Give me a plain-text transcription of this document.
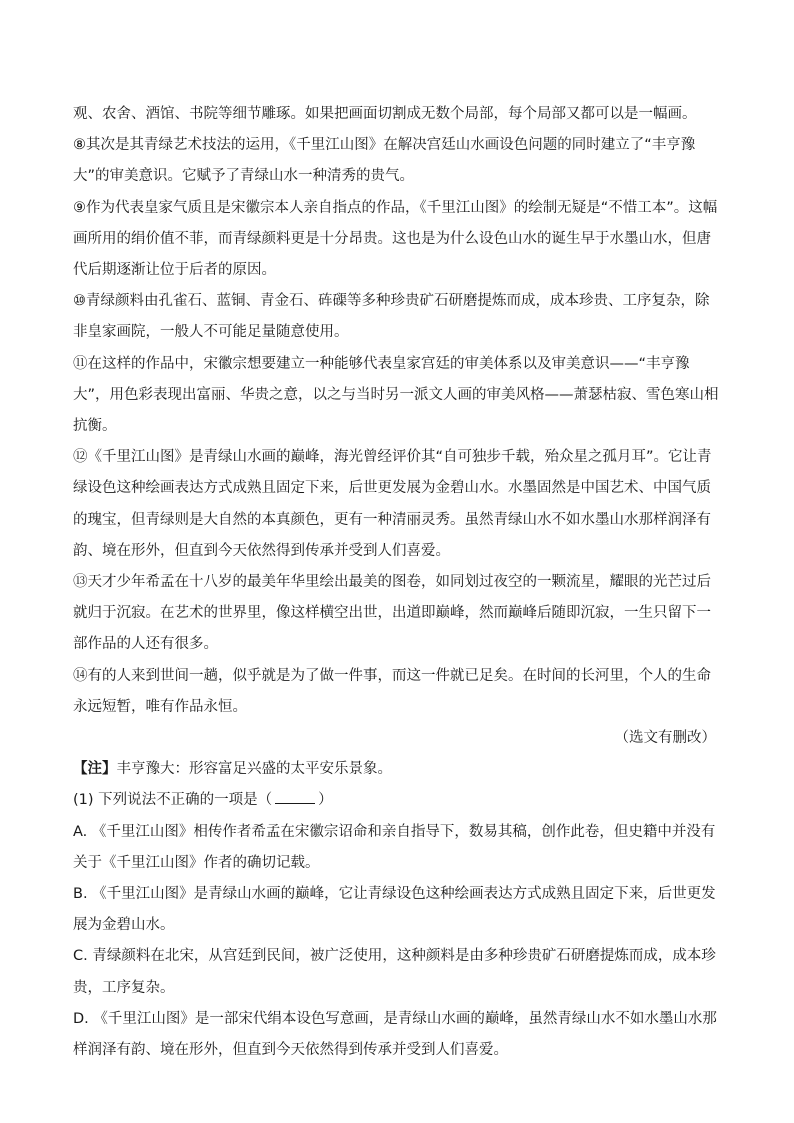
观、农舍、酒馆、书院等细节雕琢。如果把画面切割成无数个局部，每个局部又都可以是一幅画。

⑧其次是其青绿艺术技法的运用，《千里江山图》在解决宫廷山水画设色问题的同时建立了“丰亨豫大”的审美意识。它赋予了青绿山水一种清秀的贵气。

⑨作为代表皇家气质且是宋徽宗本人亲自指点的作品，《千里江山图》的绘制无疑是“不惜工本”。这幅画所用的绢价值不菲，而青绿颜料更是十分昂贵。这也是为什么设色山水的诞生早于水墨山水，但唐代后期逐渐让位于后者的原因。

⑩青绿颜料由孔雀石、蓝铜、青金石、砗磲等多种珍贵矿石研磨提炼而成，成本珍贵、工序复杂，除非皇家画院，一般人不可能足量随意使用。

⑪在这样的作品中，宋徽宗想要建立一种能够代表皇家宫廷的审美体系以及审美意识——“丰亨豫大”，用色彩表现出富丽、华贵之意，以之与当时另一派文人画的审美风格——萧瑟枯寂、雪色寒山相抗衡。

⑫《千里江山图》是青绿山水画的巅峰，海光曾经评价其“自可独步千载，殆众星之孤月耳”。它让青绿设色这种绘画表达方式成熟且固定下来，后世更发展为金碧山水。水墨固然是中国艺术、中国气质的瑰宝，但青绿则是大自然的本真颜色，更有一种清丽灵秀。虽然青绿山水不如水墨山水那样润泽有韵、境在形外，但直到今天依然得到传承并受到人们喜爱。

⑬天才少年希孟在十八岁的最美年华里绘出最美的图卷，如同划过夜空的一颗流星，耀眼的光芒过后就归于沉寂。在艺术的世界里，像这样横空出世，出道即巅峰，然而巅峰后随即沉寂，一生只留下一部作品的人还有很多。

⑭有的人来到世间一趟，似乎就是为了做一件事，而这一件就已足矣。在时间的长河里，个人的生命永远短暂，唯有作品永恒。

（选文有删改）

【注】丰亨豫大：形容富足兴盛的太平安乐景象。

(1) 下列说法不正确的一项是（	）

A. 《千里江山图》相传作者希孟在宋徽宗诏命和亲自指导下，数易其稿，创作此卷，但史籍中并没有关于《千里江山图》作者的确切记载。

B. 《千里江山图》是青绿山水画的巅峰，它让青绿设色这种绘画表达方式成熟且固定下来，后世更发展为金碧山水。

C. 青绿颜料在北宋，从宫廷到民间，被广泛使用，这种颜料是由多种珍贵矿石研磨提炼而成，成本珍贵，工序复杂。

D. 《千里江山图》是一部宋代绢本设色写意画，是青绿山水画的巅峰，虽然青绿山水不如水墨山水那样润泽有韵、境在形外，但直到今天依然得到传承并受到人们喜爱。
